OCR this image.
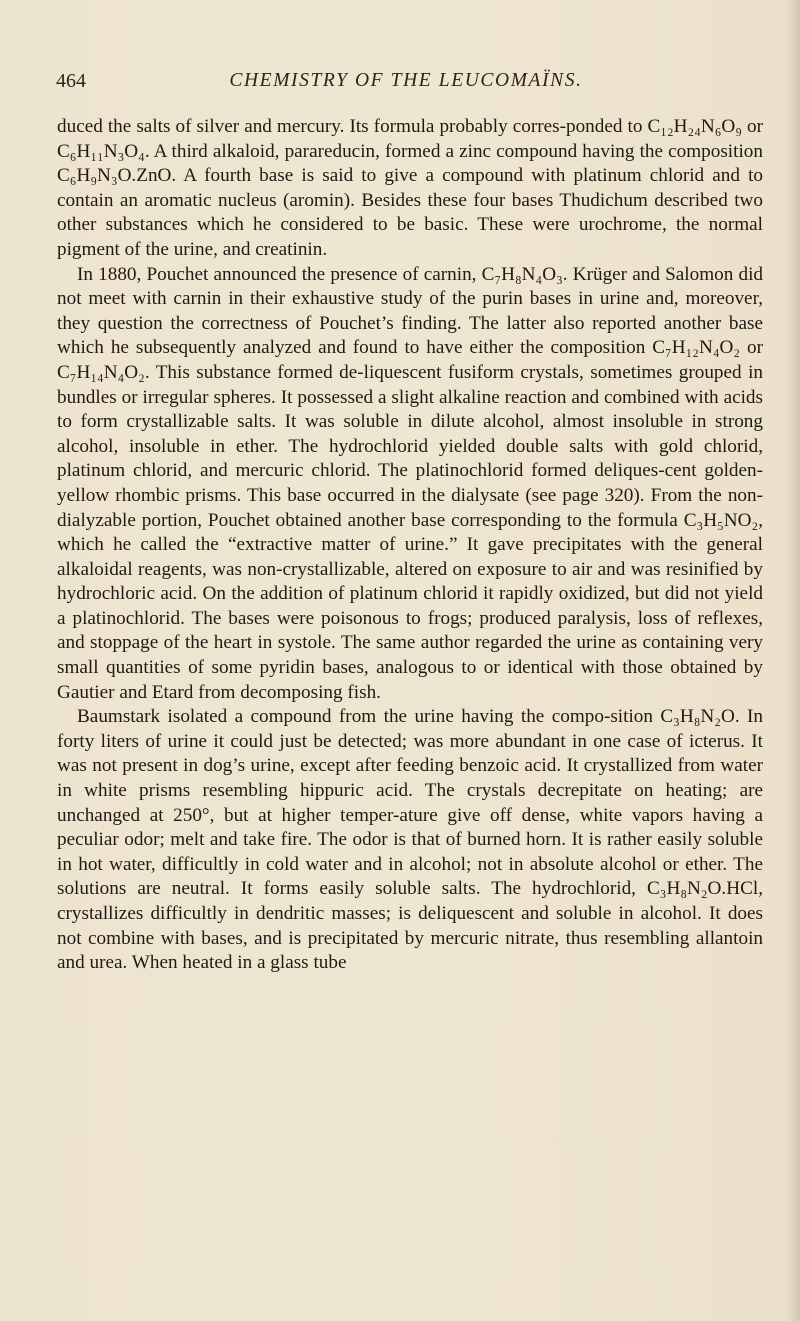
464	CHEMISTRY OF THE LEUCOMAÏNS.

duced the salts of silver and mercury. Its formula probably corres-ponded to C₁₂H₂₄N₆O₉ or C₆H₁₁N₃O₄. A third alkaloid, parareducin, formed a zinc compound having the composition C₆H₉N₃O.ZnO. A fourth base is said to give a compound with platinum chlorid and to contain an aromatic nucleus (aromin). Besides these four bases Thudichum described two other substances which he considered to be basic. These were urochrome, the normal pigment of the urine, and creatinin.

In 1880, Pouchet announced the presence of carnin, C₇H₈N₄O₃. Krüger and Salomon did not meet with carnin in their exhaustive study of the purin bases in urine and, moreover, they question the correctness of Pouchet’s finding. The latter also reported another base which he subsequently analyzed and found to have either the composition C₇H₁₂N₄O₂ or C₇H₁₄N₄O₂. This substance formed de-liquescent fusiform crystals, sometimes grouped in bundles or irregular spheres. It possessed a slight alkaline reaction and combined with acids to form crystallizable salts. It was soluble in dilute alcohol, almost insoluble in strong alcohol, insoluble in ether. The hydrochlorid yielded double salts with gold chlorid, platinum chlorid, and mercuric chlorid. The platinochlorid formed deliques-cent golden-yellow rhombic prisms. This base occurred in the dialysate (see page 320). From the non-dialyzable portion, Pouchet obtained another base corresponding to the formula C₃H₅NO₂, which he called the “extractive matter of urine.” It gave precipitates with the general alkaloidal reagents, was non-crystallizable, altered on exposure to air and was resinified by hydrochloric acid. On the addition of platinum chlorid it rapidly oxidized, but did not yield a platinochlorid. The bases were poisonous to frogs; produced paralysis, loss of reflexes, and stoppage of the heart in systole. The same author regarded the urine as containing very small quantities of some pyridin bases, analogous to or identical with those obtained by Gautier and Etard from decomposing fish.

Baumstark isolated a compound from the urine having the compo-sition C₃H₈N₂O. In forty liters of urine it could just be detected; was more abundant in one case of icterus. It was not present in dog’s urine, except after feeding benzoic acid. It crystallized from water in white prisms resembling hippuric acid. The crystals decrepitate on heating; are unchanged at 250°, but at higher temper-ature give off dense, white vapors having a peculiar odor; melt and take fire. The odor is that of burned horn. It is rather easily soluble in hot water, difficultly in cold water and in alcohol; not in absolute alcohol or ether. The solutions are neutral. It forms easily soluble salts. The hydrochlorid, C₃H₈N₂O.HCl, crystallizes difficultly in dendritic masses; is deliquescent and soluble in alcohol. It does not combine with bases, and is precipitated by mercuric nitrate, thus resembling allantoin and urea. When heated in a glass tube
